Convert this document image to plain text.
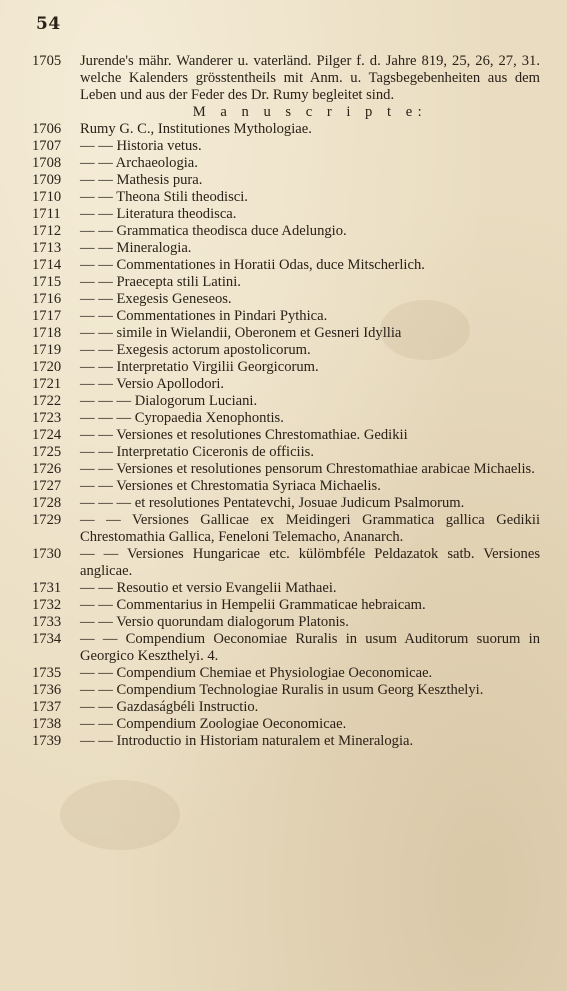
54
1705	Jurende's mähr. Wanderer u. vaterländ. Pilger f. d. Jahre 819, 25, 26, 27, 31. welche Kalenders grösstentheils mit Anm. u. Tagsbegebenheiten aus dem Leben und aus der Feder des Dr. Rumy begleitet sind.
M a n u s c r i p t e:
1706	Rumy G. C., Institutiones Mythologiae.
1707	— — Historia vetus.
1708	— — Archaeologia.
1709	— — Mathesis pura.
1710	— — Theona Stili theodisci.
1711	— — Literatura theodisca.
1712	— — Grammatica theodisca duce Adelungio.
1713	— — Mineralogia.
1714	— — Commentationes in Horatii Odas, duce Mitscherlich.
1715	— — Praecepta stili Latini.
1716	— — Exegesis Geneseos.
1717	— — Commentationes in Pindari Pythica.
1718	— — simile in Wielandii, Oberonem et Gesneri Idyllia
1719	— — Exegesis actorum apostolicorum.
1720	— — Interpretatio Virgilii Georgicorum.
1721	— — Versio Apollodori.
1722	— — — Dialogorum Luciani.
1723	— — — Cyropaedia Xenophontis.
1724	— — Versiones et resolutiones Chrestomathiae. Gedikii
1725	— — Interpretatio Ciceronis de officiis.
1726	— — Versiones et resolutiones pensorum Chrestomathiae arabicae Michaelis.
1727	— — Versiones et Chrestomatia Syriaca Michaelis.
1728	— — — et resolutiones Pentatevchi, Josuae Judicum Psalmorum.
1729	— — Versiones Gallicae ex Meidingeri Grammatica gallica Gedikii Chrestomathia Gallica, Feneloni Telemacho, Ananarch.
1730	— — Versiones Hungaricae etc. külömbféle Peldazatok satb. Versiones anglicae.
1731	— — Resoutio et versio Evangelii Mathaei.
1732	— — Commentarius in Hempelii Grammaticae hebraicam.
1733	— — Versio quorundam dialogorum Platonis.
1734	— — Compendium Oeconomiae Ruralis in usum Auditorum suorum in Georgico Keszthelyi. 4.
1735	— — Compendium Chemiae et Physiologiae Oeconomicae.
1736	— — Compendium Technologiae Ruralis in usum Georg Keszthelyi.
1737	— — Gazdaságbéli Instructio.
1738	— — Compendium Zoologiae Oeconomicae.
1739	— — Introductio in Historiam naturalem et Mineralogia.
